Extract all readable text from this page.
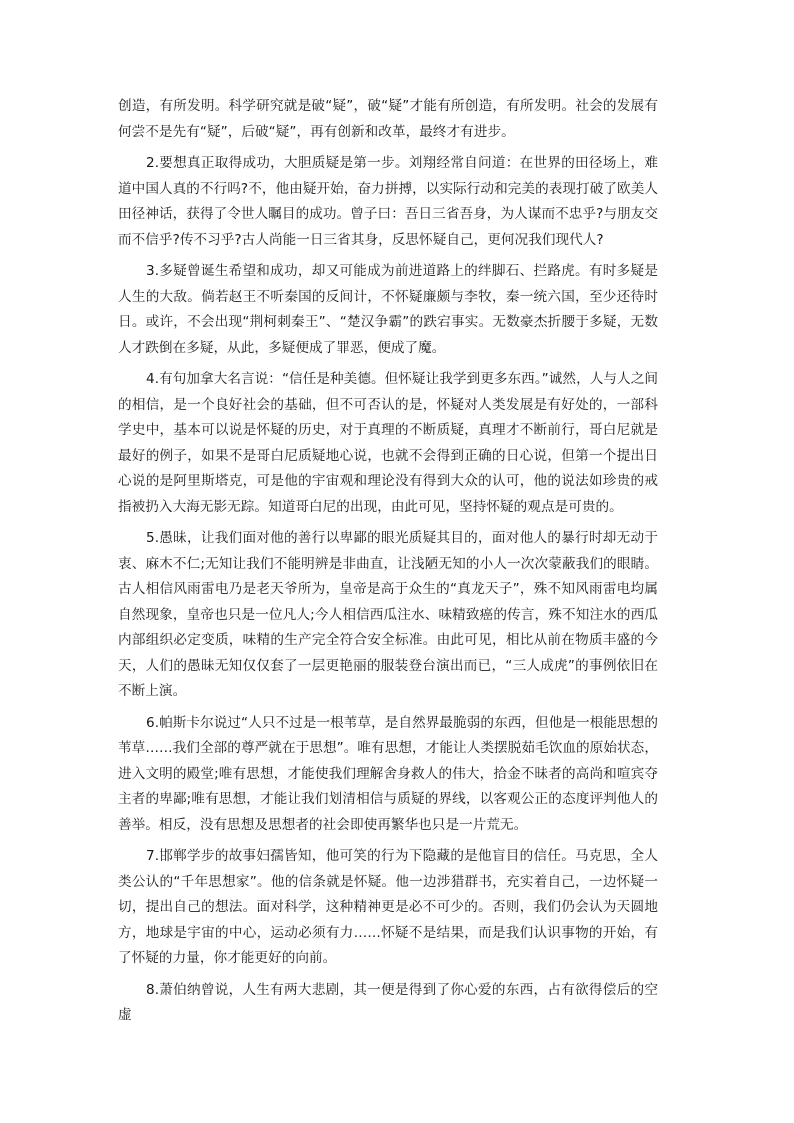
创造，有所发明。科学研究就是破“疑”，破“疑”才能有所创造，有所发明。社会的发展有何尝不是先有“疑”，后破“疑”，再有创新和改革，最终才有进步。

2.要想真正取得成功，大胆质疑是第一步。刘翔经常自问道：在世界的田径场上，难道中国人真的不行吗?不，他由疑开始，奋力拼搏，以实际行动和完美的表现打破了欧美人田径神话，获得了令世人瞩目的成功。曾子曰：吾日三省吾身，为人谋而不忠乎?与朋友交而不信乎?传不习乎?古人尚能一日三省其身，反思怀疑自己，更何况我们现代人?

3.多疑曾诞生希望和成功，却又可能成为前进道路上的绊脚石、拦路虎。有时多疑是人生的大敌。倘若赵王不听秦国的反间计，不怀疑廉颇与李牧，秦一统六国，至少还待时日。或许，不会出现“荆柯刺秦王”、“楚汉争霸”的跌宕事实。无数豪杰折腰于多疑，无数人才跌倒在多疑，从此，多疑便成了罪恶，便成了魔。

4.有句加拿大名言说：“信任是种美德。但怀疑让我学到更多东西。”诚然，人与人之间的相信，是一个良好社会的基础，但不可否认的是，怀疑对人类发展是有好处的，一部科学史中，基本可以说是怀疑的历史，对于真理的不断质疑，真理才不断前行，哥白尼就是最好的例子，如果不是哥白尼质疑地心说，也就不会得到正确的日心说，但第一个提出日心说的是阿里斯塔克，可是他的宇宙观和理论没有得到大众的认可，他的说法如珍贵的戒指被扔入大海无影无踪。知道哥白尼的出现，由此可见，坚持怀疑的观点是可贵的。

5.愚昧，让我们面对他的善行以卑鄙的眼光质疑其目的，面对他人的暴行时却无动于衷、麻木不仁;无知让我们不能明辨是非曲直，让浅陋无知的小人一次次蒙蔽我们的眼睛。古人相信风雨雷电乃是老天爷所为，皇帝是高于众生的“真龙天子”，殊不知风雨雷电均属自然现象，皇帝也只是一位凡人;今人相信西瓜注水、味精致癌的传言，殊不知注水的西瓜内部组织必定变质，味精的生产完全符合安全标准。由此可见，相比从前在物质丰盛的今天，人们的愚昧无知仅仅套了一层更艳丽的服装登台演出而已，“三人成虎”的事例依旧在不断上演。

6.帕斯卡尔说过“人只不过是一根苇草，是自然界最脆弱的东西，但他是一根能思想的苇草……我们全部的尊严就在于思想”。唯有思想，才能让人类摆脱茹毛饮血的原始状态，进入文明的殿堂;唯有思想，才能使我们理解舍身救人的伟大，拾金不昧者的高尚和喧宾夺主者的卑鄙;唯有思想，才能让我们划清相信与质疑的界线，以客观公正的态度评判他人的善举。相反，没有思想及思想者的社会即使再繁华也只是一片荒无。

7.邯郸学步的故事妇孺皆知，他可笑的行为下隐藏的是他盲目的信任。马克思，全人类公认的“千年思想家”。他的信条就是怀疑。他一边涉猎群书，充实着自己，一边怀疑一切，提出自己的想法。面对科学，这种精神更是必不可少的。否则，我们仍会认为天圆地方，地球是宇宙的中心，运动必须有力……怀疑不是结果，而是我们认识事物的开始，有了怀疑的力量，你才能更好的向前。

8.萧伯纳曾说，人生有两大悲剧，其一便是得到了你心爱的东西，占有欲得偿后的空虚
